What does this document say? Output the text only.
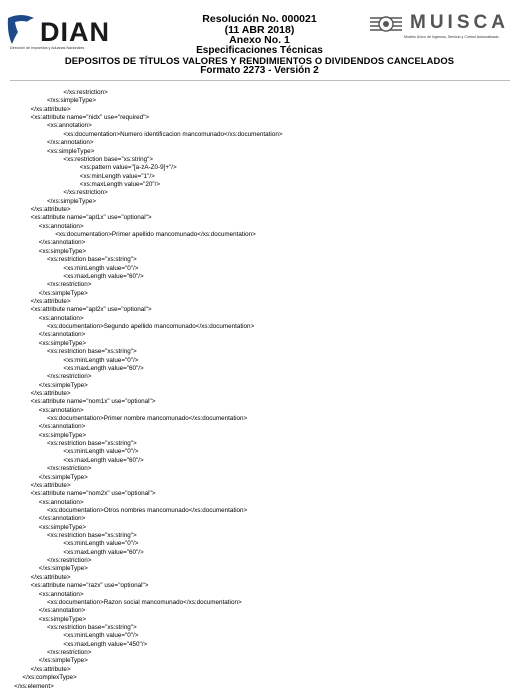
DIAN
Dirección de Impuestos y Aduanas Nacionales
MUISCA
Modelo Único de Ingresos, Servicio y Control Automatizado
Resolución No. 000021
(11 ABR 2018)
Anexo No. 1
Especificaciones Técnicas
DEPOSITOS DE TÍTULOS VALORES Y RENDIMIENTOS O DIVIDENDOS CANCELADOS
Formato 2273 - Versión 2
</xs:restriction>
</xs:simpleType>
</xs:attribute>
<xs:attribute name="nidx" use="required">
<xs:annotation>
<xs:documentation>Numero identificacion mancomunado</xs:documentation>
</xs:annotation>
<xs:simpleType>
<xs:restriction base="xs:string">
<xs:pattern value="[a-zA-Z0-9]+"/>
<xs:minLength value="1"/>
<xs:maxLength value="20"/>
</xs:restriction>
</xs:simpleType>
</xs:attribute>
<xs:attribute name="apl1x" use="optional">
<xs:annotation>
<xs:documentation>Primer apellido mancomunado</xs:documentation>
</xs:annotation>
<xs:simpleType>
<xs:restriction base="xs:string">
<xs:minLength value="0"/>
<xs:maxLength value="60"/>
</xs:restriction>
</xs:simpleType>
</xs:attribute>
<xs:attribute name="apl2x" use="optional">
<xs:annotation>
<xs:documentation>Segundo apellido mancomunado</xs:documentation>
</xs:annotation>
<xs:simpleType>
<xs:restriction base="xs:string">
<xs:minLength value="0"/>
<xs:maxLength value="60"/>
</xs:restriction>
</xs:simpleType>
</xs:attribute>
<xs:attribute name="nom1x" use="optional">
<xs:annotation>
<xs:documentation>Primer nombre mancomunado</xs:documentation>
</xs:annotation>
<xs:simpleType>
<xs:restriction base="xs:string">
<xs:minLength value="0"/>
<xs:maxLength value="60"/>
</xs:restriction>
</xs:simpleType>
</xs:attribute>
<xs:attribute name="nom2x" use="optional">
<xs:annotation>
<xs:documentation>Otros nombres mancomunado</xs:documentation>
</xs:annotation>
<xs:simpleType>
<xs:restriction base="xs:string">
<xs:minLength value="0"/>
<xs:maxLength value="60"/>
</xs:restriction>
</xs:simpleType>
</xs:attribute>
<xs:attribute name="razx" use="optional">
<xs:annotation>
<xs:documentation>Razon social mancomunado</xs:documentation>
</xs:annotation>
<xs:simpleType>
<xs:restriction base="xs:string">
<xs:minLength value="0"/>
<xs:maxLength value="450"/>
</xs:restriction>
</xs:simpleType>
</xs:attribute>
</xs:complexType>
</xs:element>
